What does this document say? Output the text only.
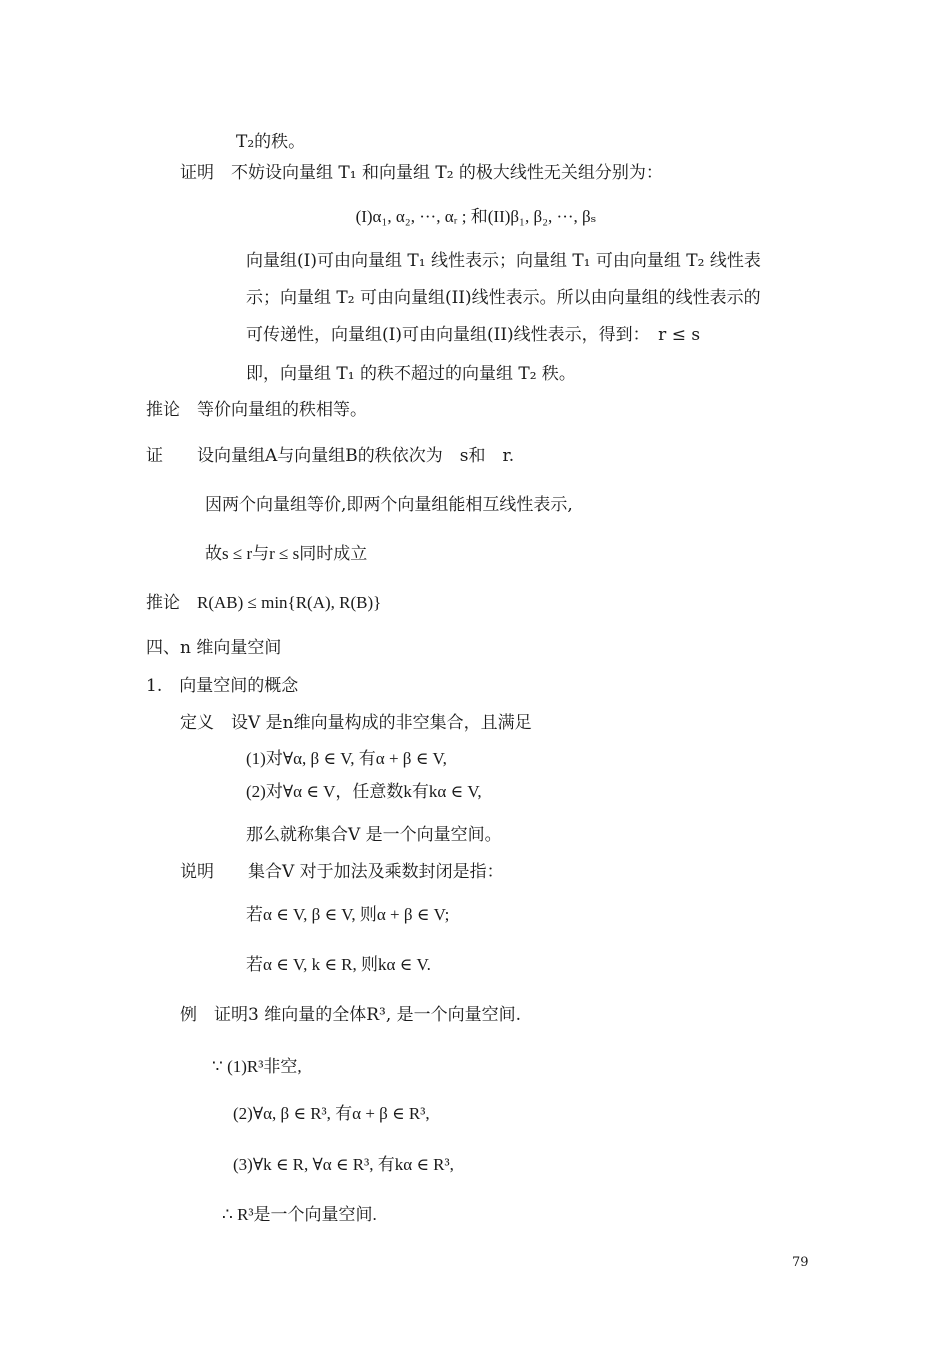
T₂的秩。
证明　不妨设向量组 T₁ 和向量组 T₂ 的极大线性无关组分别为：
(I)α₁, α₂, ···, αᵣ ; 和(II)β₁, β₂, ···, βₛ
向量组(I)可由向量组 T₁ 线性表示；向量组 T₁ 可由向量组 T₂ 线性表
示；向量组 T₂ 可由向量组(II)线性表示。所以由向量组的线性表示的
可传递性，向量组(I)可由向量组(II)线性表示，得到：　r ≤ s
即，向量组 T₁ 的秩不超过的向量组 T₂ 秩。
推论　等价向量组的秩相等。
证　　设向量组A与向量组B的秩依次为　s和　r.
因两个向量组等价,即两个向量组能相互线性表示,
故s ≤ r与r ≤ s同时成立
推论　R(AB) ≤ min{R(A), R(B)}
四、n 维向量空间
1.　向量空间的概念
定义　设V 是n维向量构成的非空集合，且满足
(1)对∀α, β ∈ V, 有α + β ∈ V,
(2)对∀α ∈ V，任意数k有kα ∈ V,
那么就称集合V 是一个向量空间。
说明　　集合V 对于加法及乘数封闭是指：
若α ∈ V, β ∈ V, 则α + β ∈ V;
若α ∈ V, k ∈ R, 则kα ∈ V.
例　证明3 维向量的全体R³, 是一个向量空间.
∵ (1)R³非空,
(2)∀α, β ∈ R³, 有α + β ∈ R³,
(3)∀k ∈ R, ∀α ∈ R³, 有kα ∈ R³,
∴ R³是一个向量空间.
79
